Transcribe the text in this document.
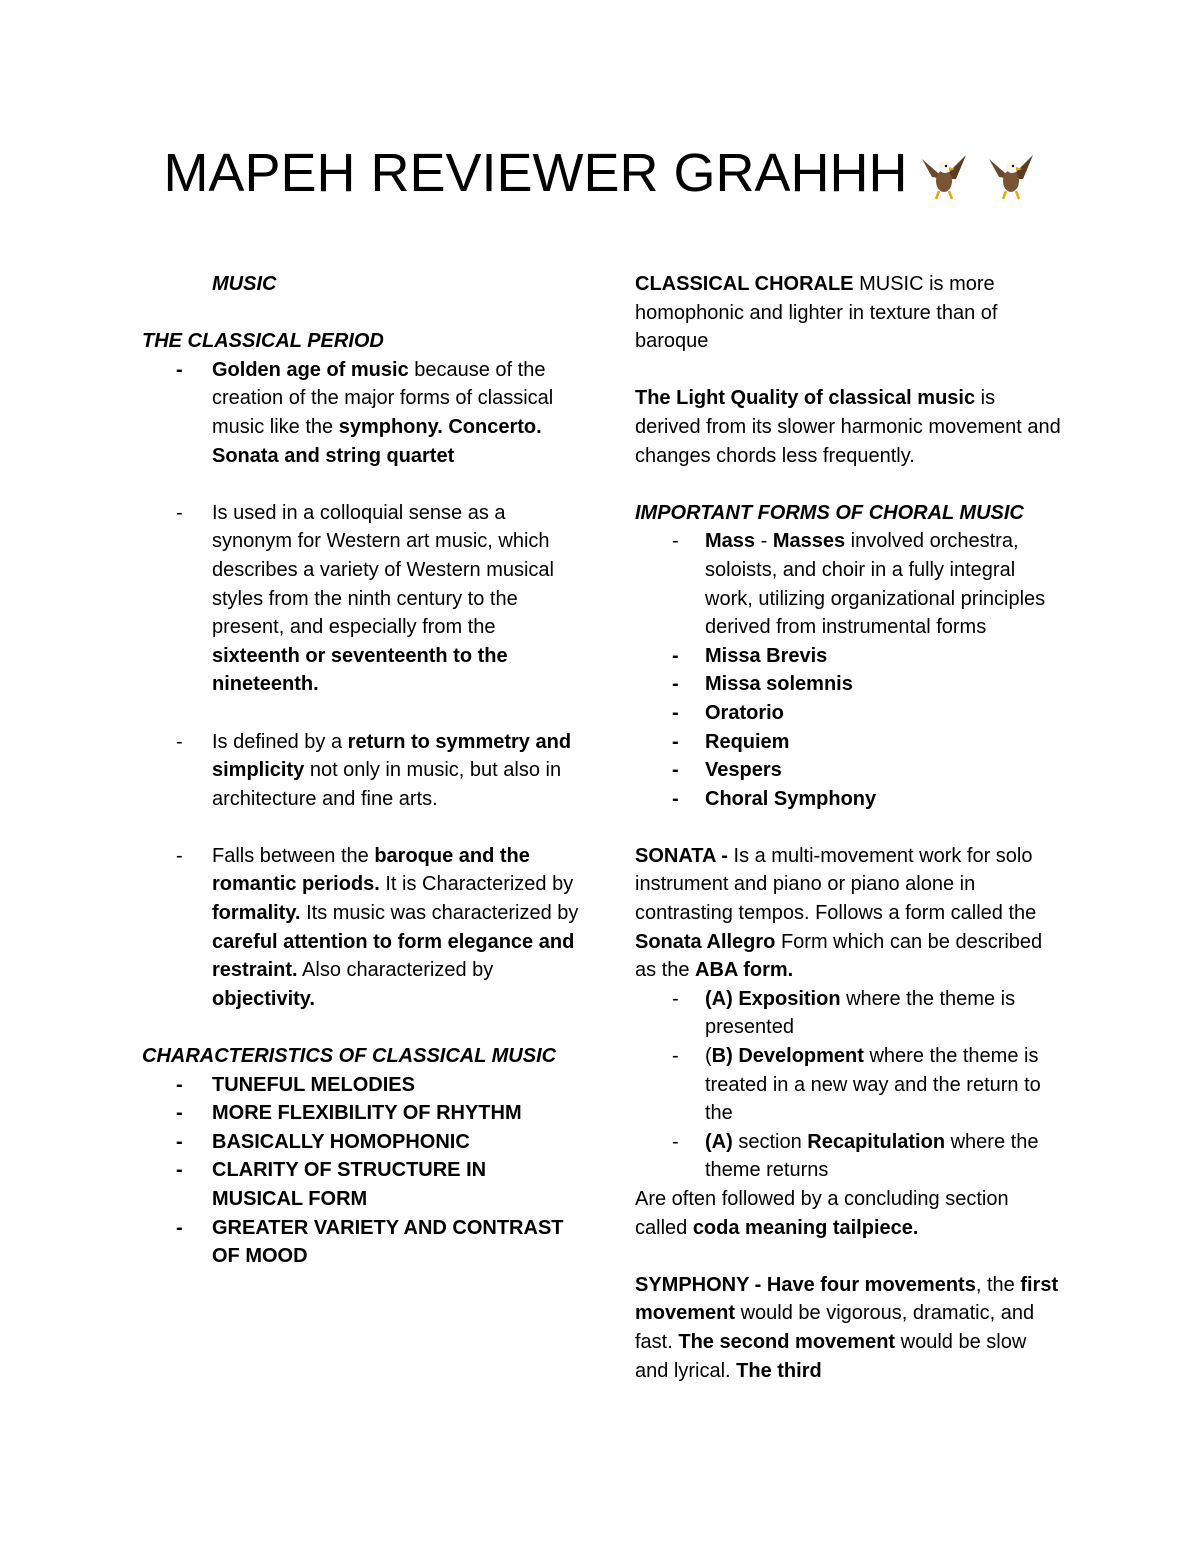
MAPEH REVIEWER GRAHHH

MUSIC

THE CLASSICAL PERIOD

- Golden age of music because of the creation of the major forms of classical music like the symphony. Concerto. Sonata and string quartet
- Is used in a colloquial sense as a synonym for Western art music, which describes a variety of Western musical styles from the ninth century to the present, and especially from the sixteenth or seventeenth to the nineteenth.
- Is defined by a return to symmetry and simplicity not only in music, but also in architecture and fine arts.
- Falls between the baroque and the romantic periods. It is Characterized by formality. Its music was characterized by careful attention to form elegance and restraint. Also characterized by objectivity.

CHARACTERISTICS OF CLASSICAL MUSIC

- TUNEFUL MELODIES
- MORE FLEXIBILITY OF RHYTHM
- BASICALLY HOMOPHONIC
- CLARITY OF STRUCTURE IN MUSICAL FORM
- GREATER VARIETY AND CONTRAST OF MOOD

CLASSICAL CHORALE MUSIC is more homophonic and lighter in texture than of baroque

The Light Quality of classical music is derived from its slower harmonic movement and changes chords less frequently.

IMPORTANT FORMS OF CHORAL MUSIC

- Mass - Masses involved orchestra, soloists, and choir in a fully integral work, utilizing organizational principles derived from instrumental forms
- Missa Brevis
- Missa solemnis
- Oratorio
- Requiem
- Vespers
- Choral Symphony

SONATA - Is a multi-movement work for solo instrument and piano or piano alone in contrasting tempos. Follows a form called the Sonata Allegro Form which can be described as the ABA form.

- (A) Exposition where the theme is presented
- (B) Development where the theme is treated in a new way and the return to the
- (A) section Recapitulation where the theme returns

Are often followed by a concluding section called coda meaning tailpiece.

SYMPHONY - Have four movements, the first movement would be vigorous, dramatic, and fast. The second movement would be slow and lyrical. The third
